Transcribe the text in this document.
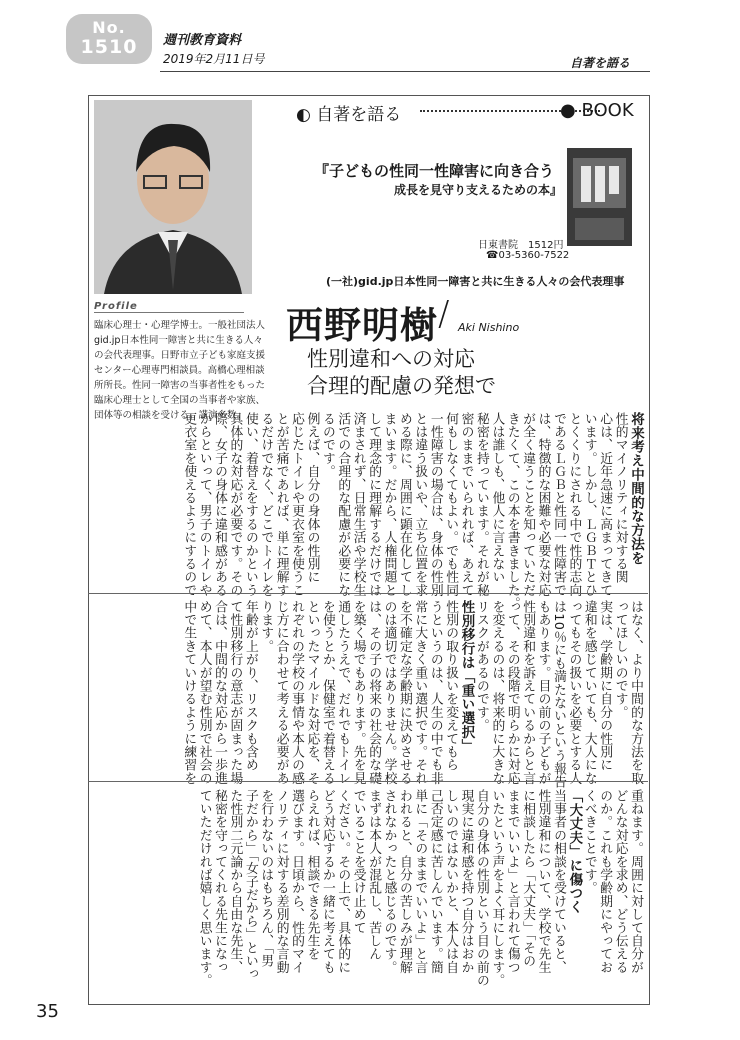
No.
1510	週刊教育資料
2019年2月11日号	自著を語る
◐ 自著を語る	● BOOK
『子どもの性同一性障害に向き合う
成長を見守り支えるための本』
日東書院　1512円
☎03-5360-7522
(一社)gid.jp日本性同一障害と共に生きる人々の会代表理事
西野明樹 / Aki Nishino
性別違和への対応
合理的配慮の発想で
Profile
臨床心理士・心理学博士。一般社団法人
gid.jp日本性同一障害と共に生きる人々
の会代表理事。日野市立子ども家庭支援
センター心理専門相談員。高橋心理相談
所所長。性同一障害の当事者性をもった
臨床心理士として全国の当事者や家族、
団体等の相談を受ける。講演多数。	将来考え中間的な方法を
性的マイノリティに対する関
心は、近年急速に高まってきて
います。しかし、ＬＧＢＴとひ
とくくりにされる中で性的志向
であるＬＧＢと性同一性障害で
は、特徴的な困難や必要な対応
が全く違うことを知っていただ
きたくて、この本を書きました。
人は誰しも、他人に言えない
秘密を持っています。それが秘
密のままでいられれば、あえて
何もしなくてもよい。でも性同
一性障害の場合は、身体の性別
とは違う扱いや、立ち位置を求
める際に、周囲に顕在化してし
まいます。だから、人権問題と
して理念的に理解するだけでは
済まされず、日常生活や学校生
活での合理的な配慮が必要にな
るのです。
例えば、自分の身体の性別に
応じたトイレや更衣室を使うこ
とが苦痛であれば、単に理解す
るだけでなく、どこでトイレを
使い、着替えをするのかという
具体的な対応が必要です。その
際、女子の身体に違和感がある
からといって、男子のトイレや
更衣室を使えるようにするので
はなく、より中間的な方法を取
ってほしいのです。
実は、学齢期に自分の性別に
違和を感じていても、大人にな
ってもその扱いを必要とする人
は10％にも満たないという報告
もあります。目の前の子どもが
性別違和を訴えているからと言
って、その段階で明らかに対応
を変えるのは、将来的に大きな
リスクがあるのです。
性別移行は「重い選択」
性別の取り扱いを変えてもら
うというのは、人生の中でも非
常に大きく重い選択です。それ
を不確定な学齢期に決めさせる
のは適切ではありません。学校
は、その子の将来の社会的な礎
を築く場でもあります。先を見
通したうえで、だれでもトイレ
を使うとか、保健室で着替える
といったマイルドな対応を、そ
れぞれの学校の事情や本人の感
じ方に合わせて考える必要があ
ります。
年齢が上がり、リスクも含め
て性別移行の意志が固まった場
合は、中間的な対応から一歩進
めて、本人が望む性別で社会の
中で生きていけるように練習を
重ねます。周囲に対して自分が
どんな対応を求め、どう伝える
のか。これも学齢期にやってお
くべきことです。
「大丈夫」に傷つく
当事者の相談を受けていると、
性別違和について、学校で先生
に相談したら「大丈夫」「その
ままでいいよ」と言われて傷つ
いたという声をよく耳にします。
自分の身体の性別という目の前の
現実に違和感を持つ自分はおか
しいのではないかと、本人は自
己否定感に苦しんでいます。簡
単に「そのままでいいよ」と言
われると、自分の苦しみが理解
されなかったと感じるのです。
まずは本人が混乱し、苦しん
でいることを受け止めて
ください。その上で、具体的に
どう対応するか一緒に考えても
らえれば、相談できる先生を
選びます。日頃から、性的マイ
ノリティに対する差別的な言動
を行わないのはもちろん、「男
子だから」「女子だから」といっ
た性別二元論から自由な先生、
秘密を守ってくれる先生になっ
ていただければ嬉しく思います。
35
